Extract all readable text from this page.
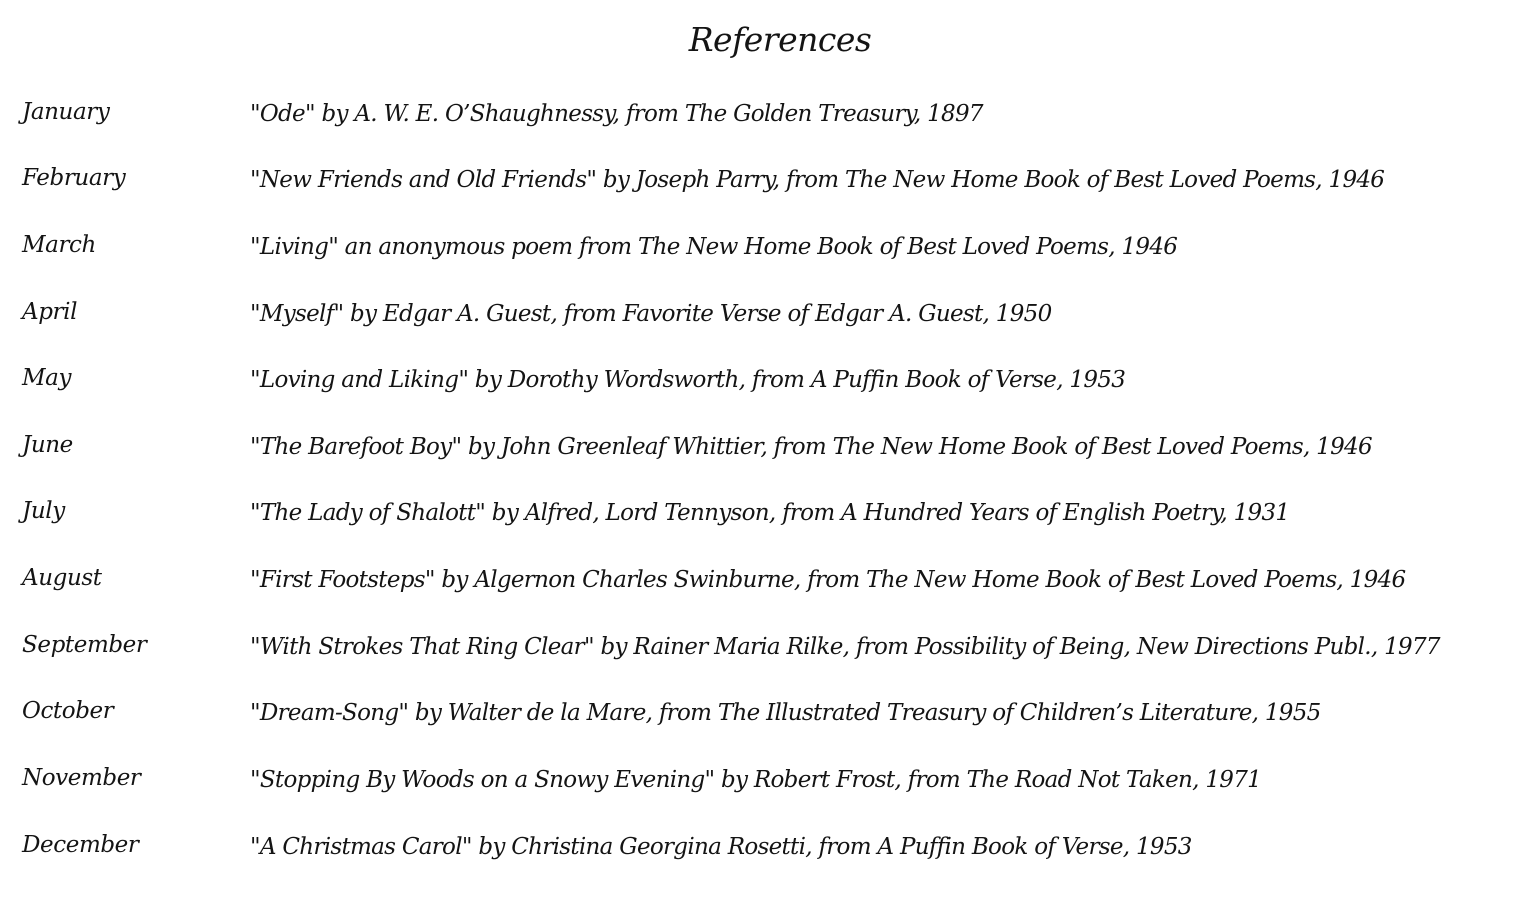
References
January	"Ode" by A. W. E. O’Shaughnessy, from The Golden Treasury, 1897
February	"New Friends and Old Friends" by Joseph Parry, from The New Home Book of Best Loved Poems, 1946
March	"Living" an anonymous poem from The New Home Book of Best Loved Poems, 1946
April	"Myself" by Edgar A. Guest, from Favorite Verse of Edgar A. Guest, 1950
May	"Loving and Liking" by Dorothy Wordsworth, from A Puffin Book of Verse, 1953
June	"The Barefoot Boy" by John Greenleaf Whittier, from The New Home Book of Best Loved Poems, 1946
July	"The Lady of Shalott" by Alfred, Lord Tennyson, from A Hundred Years of English Poetry, 1931
August	"First Footsteps" by Algernon Charles Swinburne, from The New Home Book of Best Loved Poems, 1946
September	"With Strokes That Ring Clear" by Rainer Maria Rilke, from Possibility of Being, New Directions Publ., 1977
October	"Dream-Song" by Walter de la Mare, from The Illustrated Treasury of Children’s Literature, 1955
November	"Stopping By Woods on a Snowy Evening" by Robert Frost, from The Road Not Taken, 1971
December	"A Christmas Carol" by Christina Georgina Rosetti, from A Puffin Book of Verse, 1953
